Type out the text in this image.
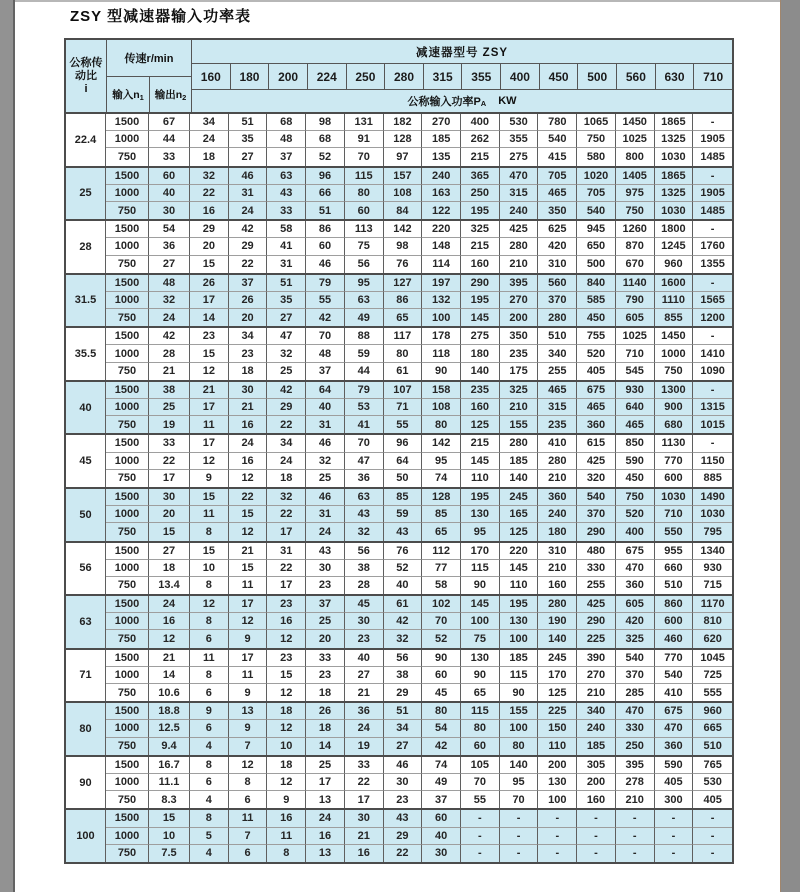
ZSY 型减速器输入功率表
公称传
动比
i
传速r/min
输入n 1 输出n 2
减速器型号 ZSY
160	180	200	224	250	280	315	355	400	450	500	560	630	710
公称输入功率P A KW
22.4
1500	67	34	51	68	98	131	182	270	400	530	780	1065	1450	1865	-
1000	44	24	35	48	68	91	128	185	262	355	540	750	1025	1325	1905
750	33	18	27	37	52	70	97	135	215	275	415	580	800	1030	1485
25
1500	60	32	46	63	96	115	157	240	365	470	705	1020	1405	1865	-
1000	40	22	31	43	66	80	108	163	250	315	465	705	975	1325	1905
750	30	16	24	33	51	60	84	122	195	240	350	540	750	1030	1485
28
1500	54	29	42	58	86	113	142	220	325	425	625	945	1260	1800	-
1000	36	20	29	41	60	75	98	148	215	280	420	650	870	1245	1760
750	27	15	22	31	46	56	76	114	160	210	310	500	670	960	1355
31.5
1500	48	26	37	51	79	95	127	197	290	395	560	840	1140	1600	-
1000	32	17	26	35	55	63	86	132	195	270	370	585	790	1110	1565
750	24	14	20	27	42	49	65	100	145	200	280	450	605	855	1200
35.5
1500	42	23	34	47	70	88	117	178	275	350	510	755	1025	1450	-
1000	28	15	23	32	48	59	80	118	180	235	340	520	710	1000	1410
750	21	12	18	25	37	44	61	90	140	175	255	405	545	750	1090
40
1500	38	21	30	42	64	79	107	158	235	325	465	675	930	1300	-
1000	25	17	21	29	40	53	71	108	160	210	315	465	640	900	1315
750	19	11	16	22	31	41	55	80	125	155	235	360	465	680	1015
45
1500	33	17	24	34	46	70	96	142	215	280	410	615	850	1130	-
1000	22	12	16	24	32	47	64	95	145	185	280	425	590	770	1150
750	17	9	12	18	25	36	50	74	110	140	210	320	450	600	885
50
1500	30	15	22	32	46	63	85	128	195	245	360	540	750	1030	1490
1000	20	11	15	22	31	43	59	85	130	165	240	370	520	710	1030
750	15	8	12	17	24	32	43	65	95	125	180	290	400	550	795
56
1500	27	15	21	31	43	56	76	112	170	220	310	480	675	955	1340
1000	18	10	15	22	30	38	52	77	115	145	210	330	470	660	930
750	13.4	8	11	17	23	28	40	58	90	110	160	255	360	510	715
63
1500	24	12	17	23	37	45	61	102	145	195	280	425	605	860	1170
1000	16	8	12	16	25	30	42	70	100	130	190	290	420	600	810
750	12	6	9	12	20	23	32	52	75	100	140	225	325	460	620
71
1500	21	11	17	23	33	40	56	90	130	185	245	390	540	770	1045
1000	14	8	11	15	23	27	38	60	90	115	170	270	370	540	725
750	10.6	6	9	12	18	21	29	45	65	90	125	210	285	410	555
80
1500	18.8	9	13	18	26	36	51	80	115	155	225	340	470	675	960
1000	12.5	6	9	12	18	24	34	54	80	100	150	240	330	470	665
750	9.4	4	7	10	14	19	27	42	60	80	110	185	250	360	510
90
1500	16.7	8	12	18	25	33	46	74	105	140	200	305	395	590	765
1000	11.1	6	8	12	17	22	30	49	70	95	130	200	278	405	530
750	8.3	4	6	9	13	17	23	37	55	70	100	160	210	300	405
100
1500	15	8	11	16	24	30	43	60	-	-	-	-	-	-	-
1000	10	5	7	11	16	21	29	40	-	-	-	-	-	-	-
750	7.5	4	6	8	13	16	22	30	-	-	-	-	-	-	-
